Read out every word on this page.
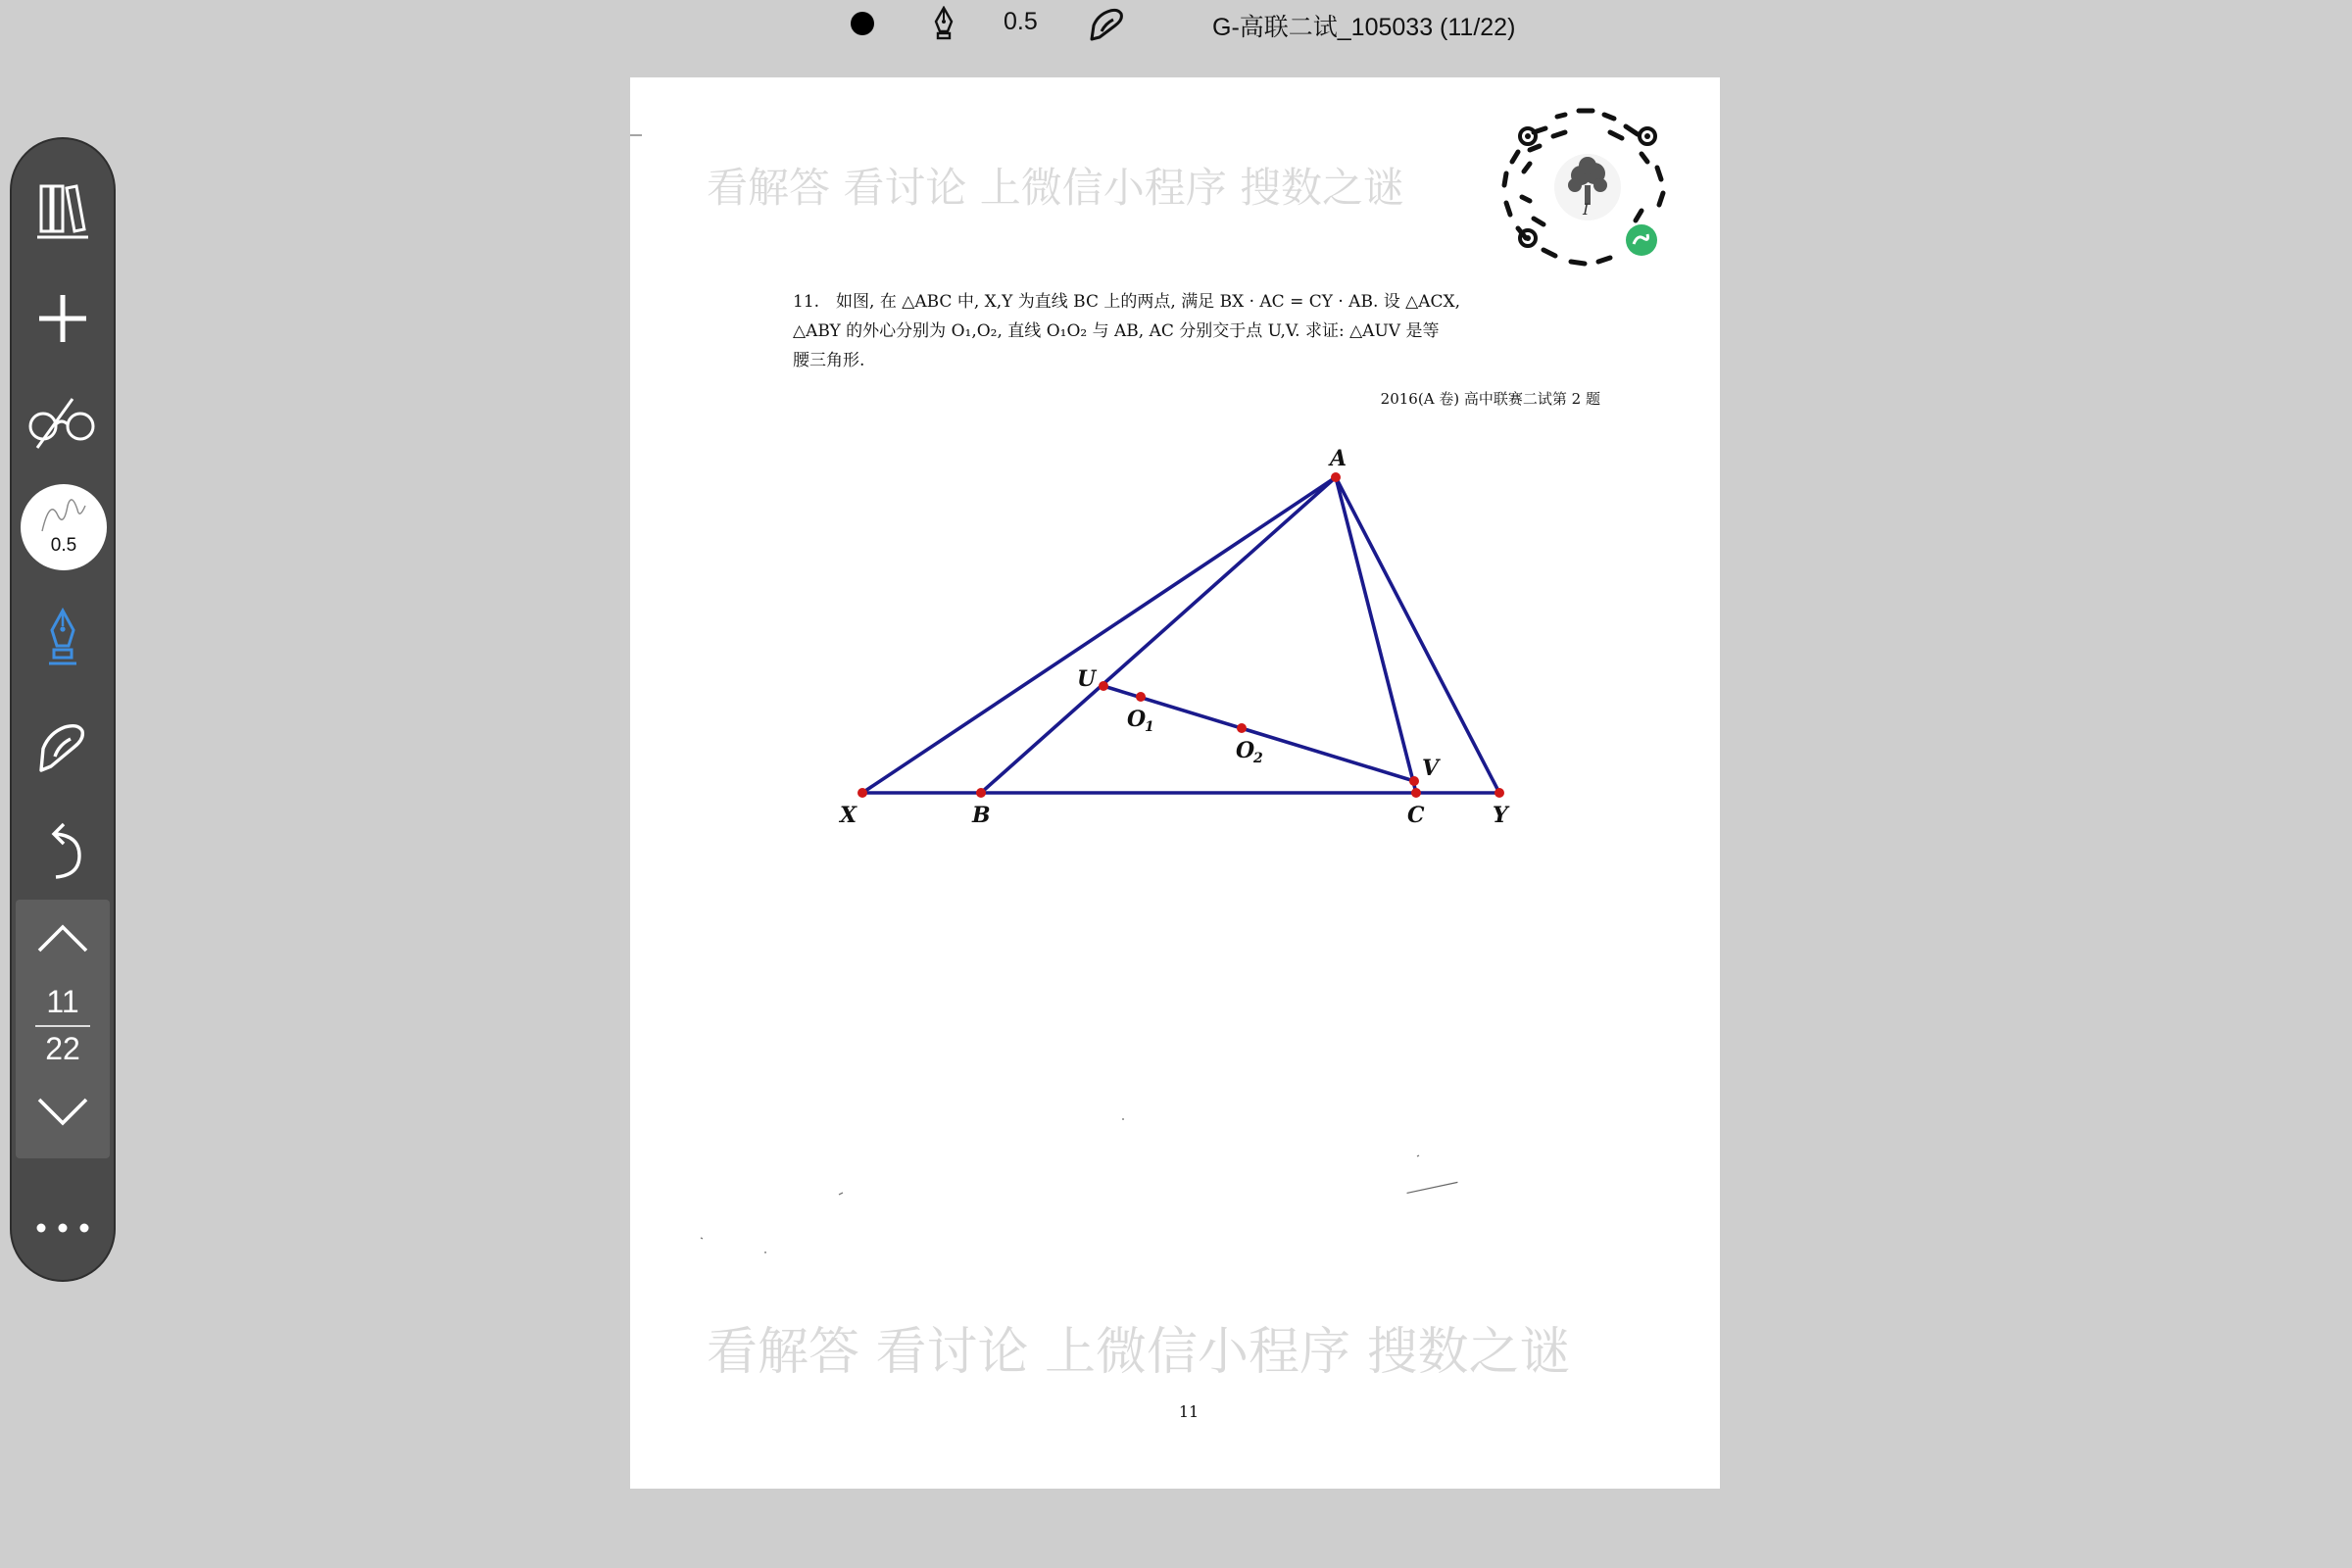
0.5	G-高联二试_105033 (11/22)
0.5
11
22
看解答 看讨论 上微信小程序 搜数之谜	I
11. 如图, 在 △ABC 中, X,Y 为直线 BC 上的两点, 满足 BX · AC = CY · AB. 设 △ACX,
△ABY 的外心分别为 O₁,O₂, 直线 O₁O₂ 与 AB, AC 分别交于点 U,V. 求证: △AUV 是等
腰三角形.
2016(A 卷) 高中联赛二试第 2 题
A
U
O
1
O
2	V
X	B	C	Y
看解答 看讨论 上微信小程序 搜数之谜
11
